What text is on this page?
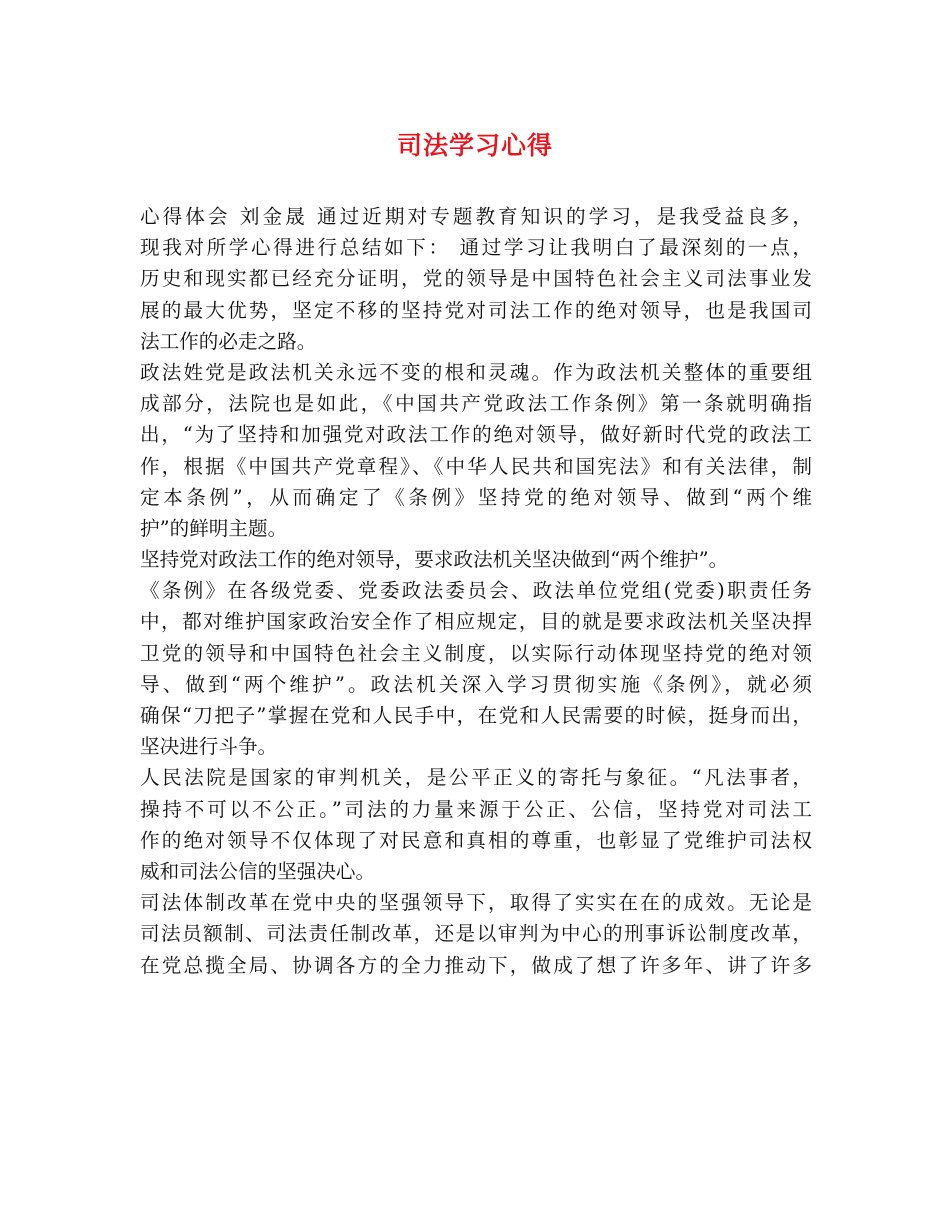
司法学习心得
心得体会 刘金晟 通过近期对专题教育知识的学习，是我受益良多，
现我对所学心得进行总结如下： 通过学习让我明白了最深刻的一点，
历史和现实都已经充分证明，党的领导是中国特色社会主义司法事业发
展的最大优势，坚定不移的坚持党对司法工作的绝对领导，也是我国司
法工作的必走之路。
政法姓党是政法机关永远不变的根和灵魂。作为政法机关整体的重要组
成部分，法院也是如此，《中国共产党政法工作条例》第一条就明确指
出，“为了坚持和加强党对政法工作的绝对领导，做好新时代党的政法工
作，根据《中国共产党章程》、《中华人民共和国宪法》和有关法律，制
定本条例”，从而确定了《条例》坚持党的绝对领导、做到“两个维
护”的鲜明主题。
坚持党对政法工作的绝对领导，要求政法机关坚决做到“两个维护”。
《条例》在各级党委、党委政法委员会、政法单位党组(党委)职责任务
中，都对维护国家政治安全作了相应规定，目的就是要求政法机关坚决捍
卫党的领导和中国特色社会主义制度，以实际行动体现坚持党的绝对领
导、做到“两个维护”。政法机关深入学习贯彻实施《条例》，就必须
确保“刀把子”掌握在党和人民手中，在党和人民需要的时候，挺身而出，
坚决进行斗争。
人民法院是国家的审判机关，是公平正义的寄托与象征。“凡法事者，
操持不可以不公正。”司法的力量来源于公正、公信，坚持党对司法工
作的绝对领导不仅体现了对民意和真相的尊重，也彰显了党维护司法权
威和司法公信的坚强决心。
司法体制改革在党中央的坚强领导下，取得了实实在在的成效。无论是
司法员额制、司法责任制改革，还是以审判为中心的刑事诉讼制度改革，
在党总揽全局、协调各方的全力推动下，做成了想了许多年、讲了许多
